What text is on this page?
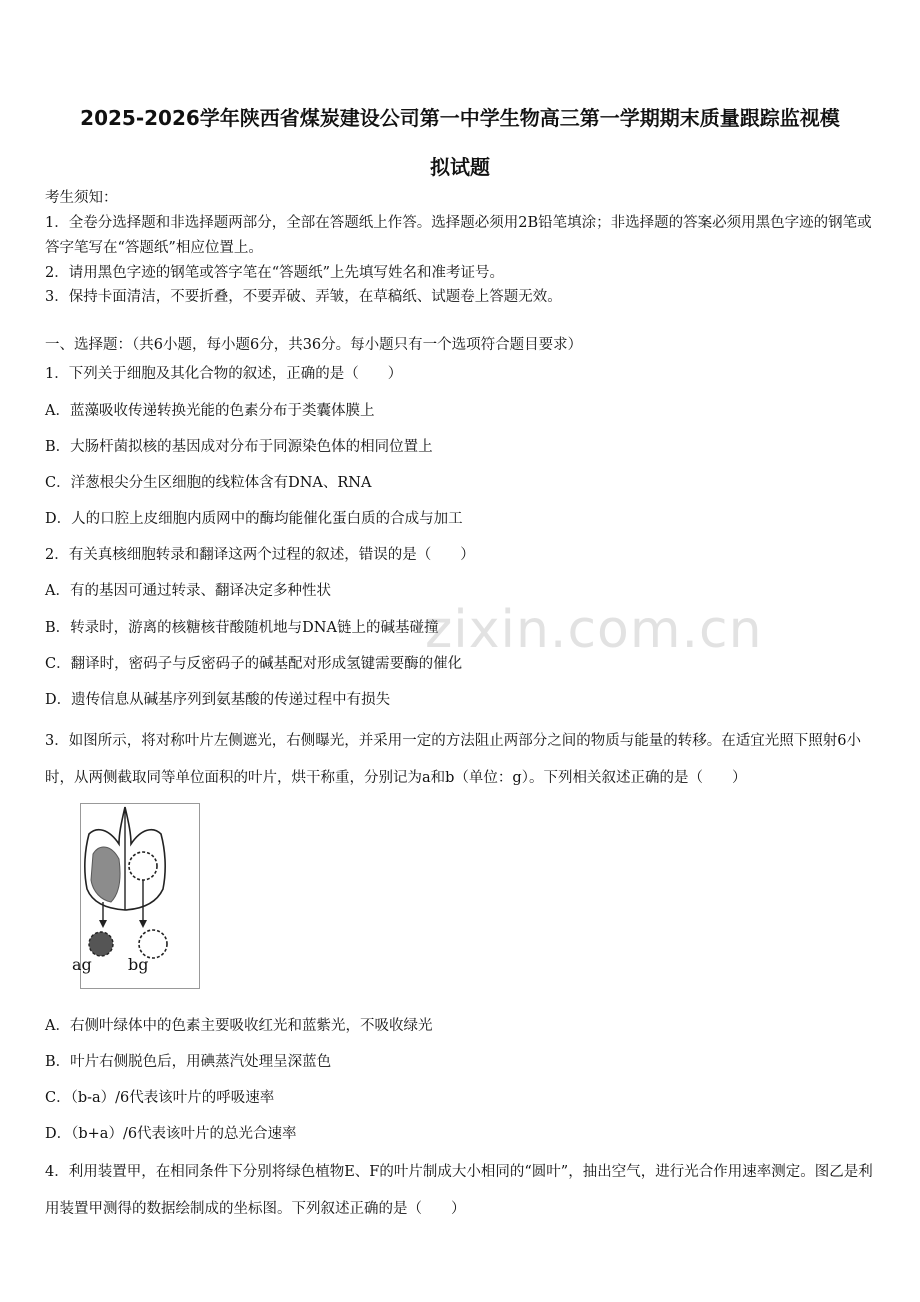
zixin.com.cn
2025-2026学年陕西省煤炭建设公司第一中学生物高三第一学期期末质量跟踪监视模
拟试题
考生须知：
1．全卷分选择题和非选择题两部分，全部在答题纸上作答。选择题必须用2B铅笔填涂；非选择题的答案必须用黑色字迹的钢笔或答字笔写在“答题纸”相应位置上。
2．请用黑色字迹的钢笔或答字笔在“答题纸”上先填写姓名和准考证号。
3．保持卡面清洁，不要折叠，不要弄破、弄皱，在草稿纸、试题卷上答题无效。
一、选择题：（共6小题，每小题6分，共36分。每小题只有一个选项符合题目要求）
1．下列关于细胞及其化合物的叙述，正确的是（　　）
A．蓝藻吸收传递转换光能的色素分布于类囊体膜上
B．大肠杆菌拟核的基因成对分布于同源染色体的相同位置上
C．洋葱根尖分生区细胞的线粒体含有DNA、RNA
D．人的口腔上皮细胞内质网中的酶均能催化蛋白质的合成与加工
2．有关真核细胞转录和翻译这两个过程的叙述，错误的是（　　）
A．有的基因可通过转录、翻译决定多种性状
B．转录时，游离的核糖核苷酸随机地与DNA链上的碱基碰撞
C．翻译时，密码子与反密码子的碱基配对形成氢键需要酶的催化
D．遗传信息从碱基序列到氨基酸的传递过程中有损失
3．如图所示，将对称叶片左侧遮光，右侧曝光，并采用一定的方法阻止两部分之间的物质与能量的转移。在适宜光照下照射6小时，从两侧截取同等单位面积的叶片，烘干称重，分别记为a和b（单位：g）。下列相关叙述正确的是（　　）
ag bg
A．右侧叶绿体中的色素主要吸收红光和蓝紫光，不吸收绿光
B．叶片右侧脱色后，用碘蒸汽处理呈深蓝色
C．（b-a）/6代表该叶片的呼吸速率
D．（b+a）/6代表该叶片的总光合速率
4．利用装置甲，在相同条件下分别将绿色植物E、F的叶片制成大小相同的“圆叶”，抽出空气，进行光合作用速率测定。图乙是利用装置甲测得的数据绘制成的坐标图。下列叙述正确的是（　　）
